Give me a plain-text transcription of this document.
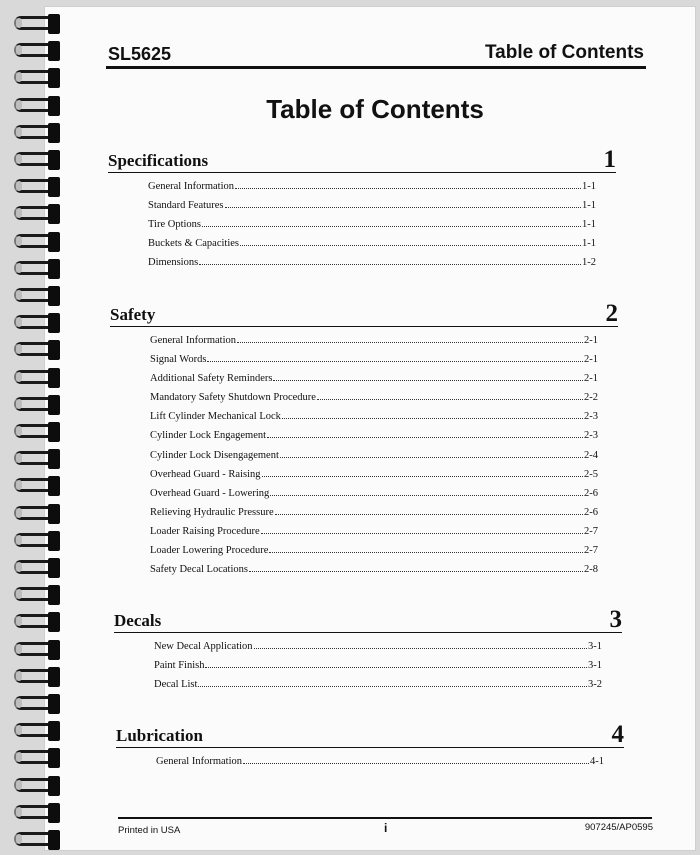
SL5625	Table of Contents
Table of Contents
Specifications	1
General Information	1-1
Standard Features	1-1
Tire Options	1-1
Buckets & Capacities	1-1
Dimensions	1-2
Safety	2
General Information	2-1
Signal Words	2-1
Additional Safety Reminders	2-1
Mandatory Safety Shutdown Procedure	2-2
Lift Cylinder Mechanical Lock	2-3
Cylinder Lock Engagement	2-3
Cylinder Lock Disengagement	2-4
Overhead Guard - Raising	2-5
Overhead Guard - Lowering	2-6
Relieving Hydraulic Pressure	2-6
Loader Raising Procedure	2-7
Loader Lowering Procedure	2-7
Safety Decal Locations	2-8
Decals	3
New Decal Application	3-1
Paint Finish	3-1
Decal List	3-2
Lubrication	4
General Information	4-1
Printed in USA	i	907245/AP0595
